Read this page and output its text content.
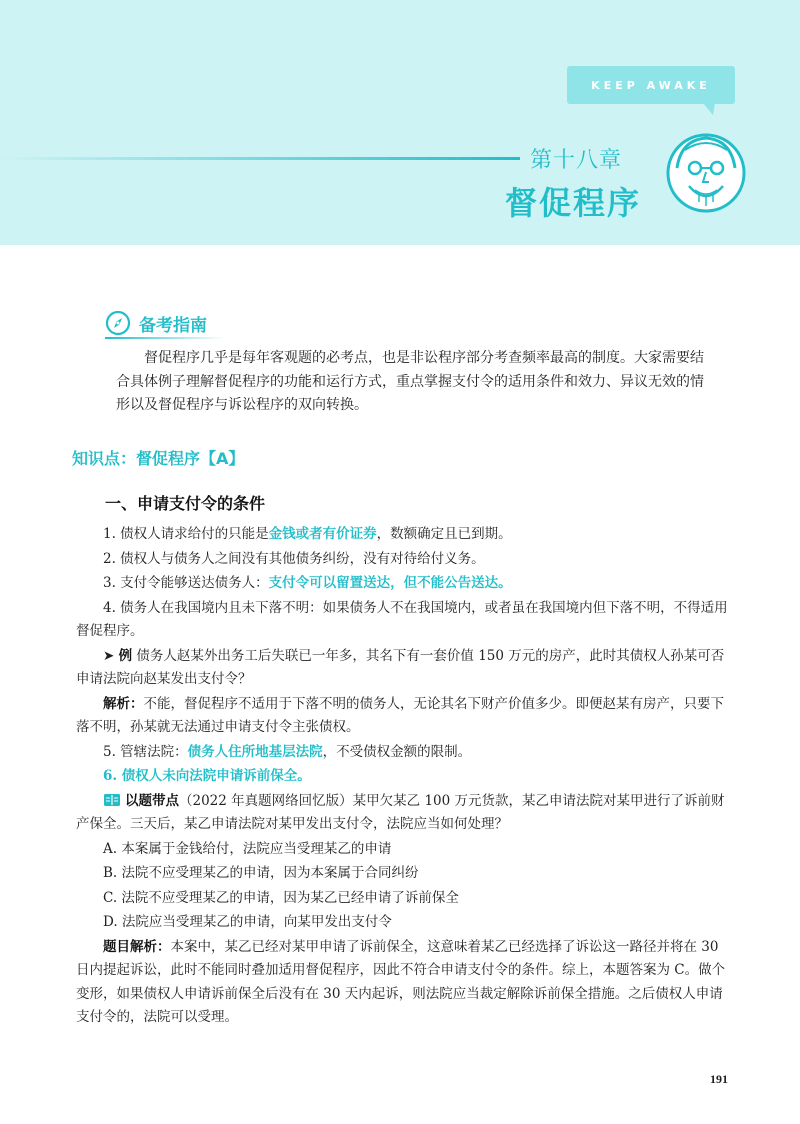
KEEP AWAKE
第十八章
督促程序
备考指南
督促程序几乎是每年客观题的必考点，也是非讼程序部分考查频率最高的制度。大家需要结合具体例子理解督促程序的功能和运行方式，重点掌握支付令的适用条件和效力、异议无效的情形以及督促程序与诉讼程序的双向转换。
知识点：督促程序【A】
一、申请支付令的条件

1. 债权人请求给付的只能是金钱或者有价证券，数额确定且已到期。

2. 债权人与债务人之间没有其他债务纠纷，没有对待给付义务。

3. 支付令能够送达债务人：支付令可以留置送达，但不能公告送达。

4. 债务人在我国境内且未下落不明：如果债务人不在我国境内，或者虽在我国境内但下落不明，不得适用督促程序。

➤ 例 债务人赵某外出务工后失联已一年多，其名下有一套价值 150 万元的房产，此时其债权人孙某可否申请法院向赵某发出支付令？

解析：不能，督促程序不适用于下落不明的债务人，无论其名下财产价值多少。即便赵某有房产，只要下落不明，孙某就无法通过申请支付令主张债权。

5. 管辖法院：债务人住所地基层法院，不受债权金额的限制。

6. 债权人未向法院申请诉前保全。

以题带点（2022 年真题网络回忆版）某甲欠某乙 100 万元货款，某乙申请法院对某甲进行了诉前财产保全。三天后，某乙申请法院对某甲发出支付令，法院应当如何处理？

A. 本案属于金钱给付，法院应当受理某乙的申请

B. 法院不应受理某乙的申请，因为本案属于合同纠纷

C. 法院不应受理某乙的申请，因为某乙已经申请了诉前保全

D. 法院应当受理某乙的申请，向某甲发出支付令

题目解析：本案中，某乙已经对某甲申请了诉前保全，这意味着某乙已经选择了诉讼这一路径并将在 30 日内提起诉讼，此时不能同时叠加适用督促程序，因此不符合申请支付令的条件。综上，本题答案为 C。做个变形，如果债权人申请诉前保全后没有在 30 天内起诉，则法院应当裁定解除诉前保全措施。之后债权人申请支付令的，法院可以受理。

191
